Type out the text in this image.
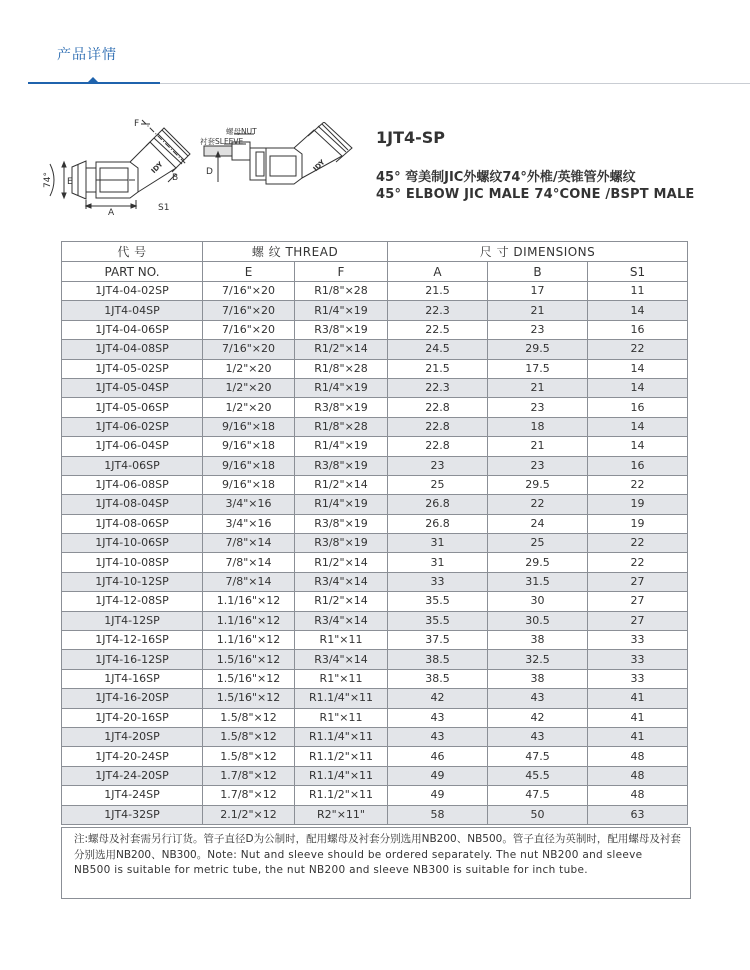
产品详情
F
74° E
A
B
S1
IDY
螺母NUT
衬套SLEEVE
D	IDY
1JT4-SP
45° 弯美制JIC外螺纹74°外椎/英锥管外螺纹
45° ELBOW JIC MALE 74°CONE /BSPT MALE
代 号	螺 纹 THREAD		尺 寸 DIMENSIONS		
PART NO.	E	F	A	B	S1
1JT4-04-02SP	7/16"×20	R1/8"×28	21.5	17	11
1JT4-04SP	7/16"×20	R1/4"×19	22.3	21	14
1JT4-04-06SP	7/16"×20	R3/8"×19	22.5	23	16
1JT4-04-08SP	7/16"×20	R1/2"×14	24.5	29.5	22
1JT4-05-02SP	1/2"×20	R1/8"×28	21.5	17.5	14
1JT4-05-04SP	1/2"×20	R1/4"×19	22.3	21	14
1JT4-05-06SP	1/2"×20	R3/8"×19	22.8	23	16
1JT4-06-02SP	9/16"×18	R1/8"×28	22.8	18	14
1JT4-06-04SP	9/16"×18	R1/4"×19	22.8	21	14
1JT4-06SP	9/16"×18	R3/8"×19	23	23	16
1JT4-06-08SP	9/16"×18	R1/2"×14	25	29.5	22
1JT4-08-04SP	3/4"×16	R1/4"×19	26.8	22	19
1JT4-08-06SP	3/4"×16	R3/8"×19	26.8	24	19
1JT4-10-06SP	7/8"×14	R3/8"×19	31	25	22
1JT4-10-08SP	7/8"×14	R1/2"×14	31	29.5	22
1JT4-10-12SP	7/8"×14	R3/4"×14	33	31.5	27
1JT4-12-08SP	1.1/16"×12	R1/2"×14	35.5	30	27
1JT4-12SP	1.1/16"×12	R3/4"×14	35.5	30.5	27
1JT4-12-16SP	1.1/16"×12	R1"×11	37.5	38	33
1JT4-16-12SP	1.5/16"×12	R3/4"×14	38.5	32.5	33
1JT4-16SP	1.5/16"×12	R1"×11	38.5	38	33
1JT4-16-20SP	1.5/16"×12	R1.1/4"×11	42	43	41
1JT4-20-16SP	1.5/8"×12	R1"×11	43	42	41
1JT4-20SP	1.5/8"×12	R1.1/4"×11	43	43	41
1JT4-20-24SP	1.5/8"×12	R1.1/2"×11	46	47.5	48
1JT4-24-20SP	1.7/8"×12	R1.1/4"×11	49	45.5	48
1JT4-24SP	1.7/8"×12	R1.1/2"×11	49	47.5	48
1JT4-32SP	2.1/2"×12	R2"×11"	58	50	63
注:螺母及衬套需另行订货。管子直径D为公制时，配用螺母及衬套分别选用NB200、NB500。管子直径为英制时，配用螺母及衬套分别选用NB200、NB300。Note: Nut and sleeve should be ordered separately. The nut NB200 and sleeve NB500 is suitable for metric tube, the nut NB200 and sleeve NB300 is suitable for inch tube.
